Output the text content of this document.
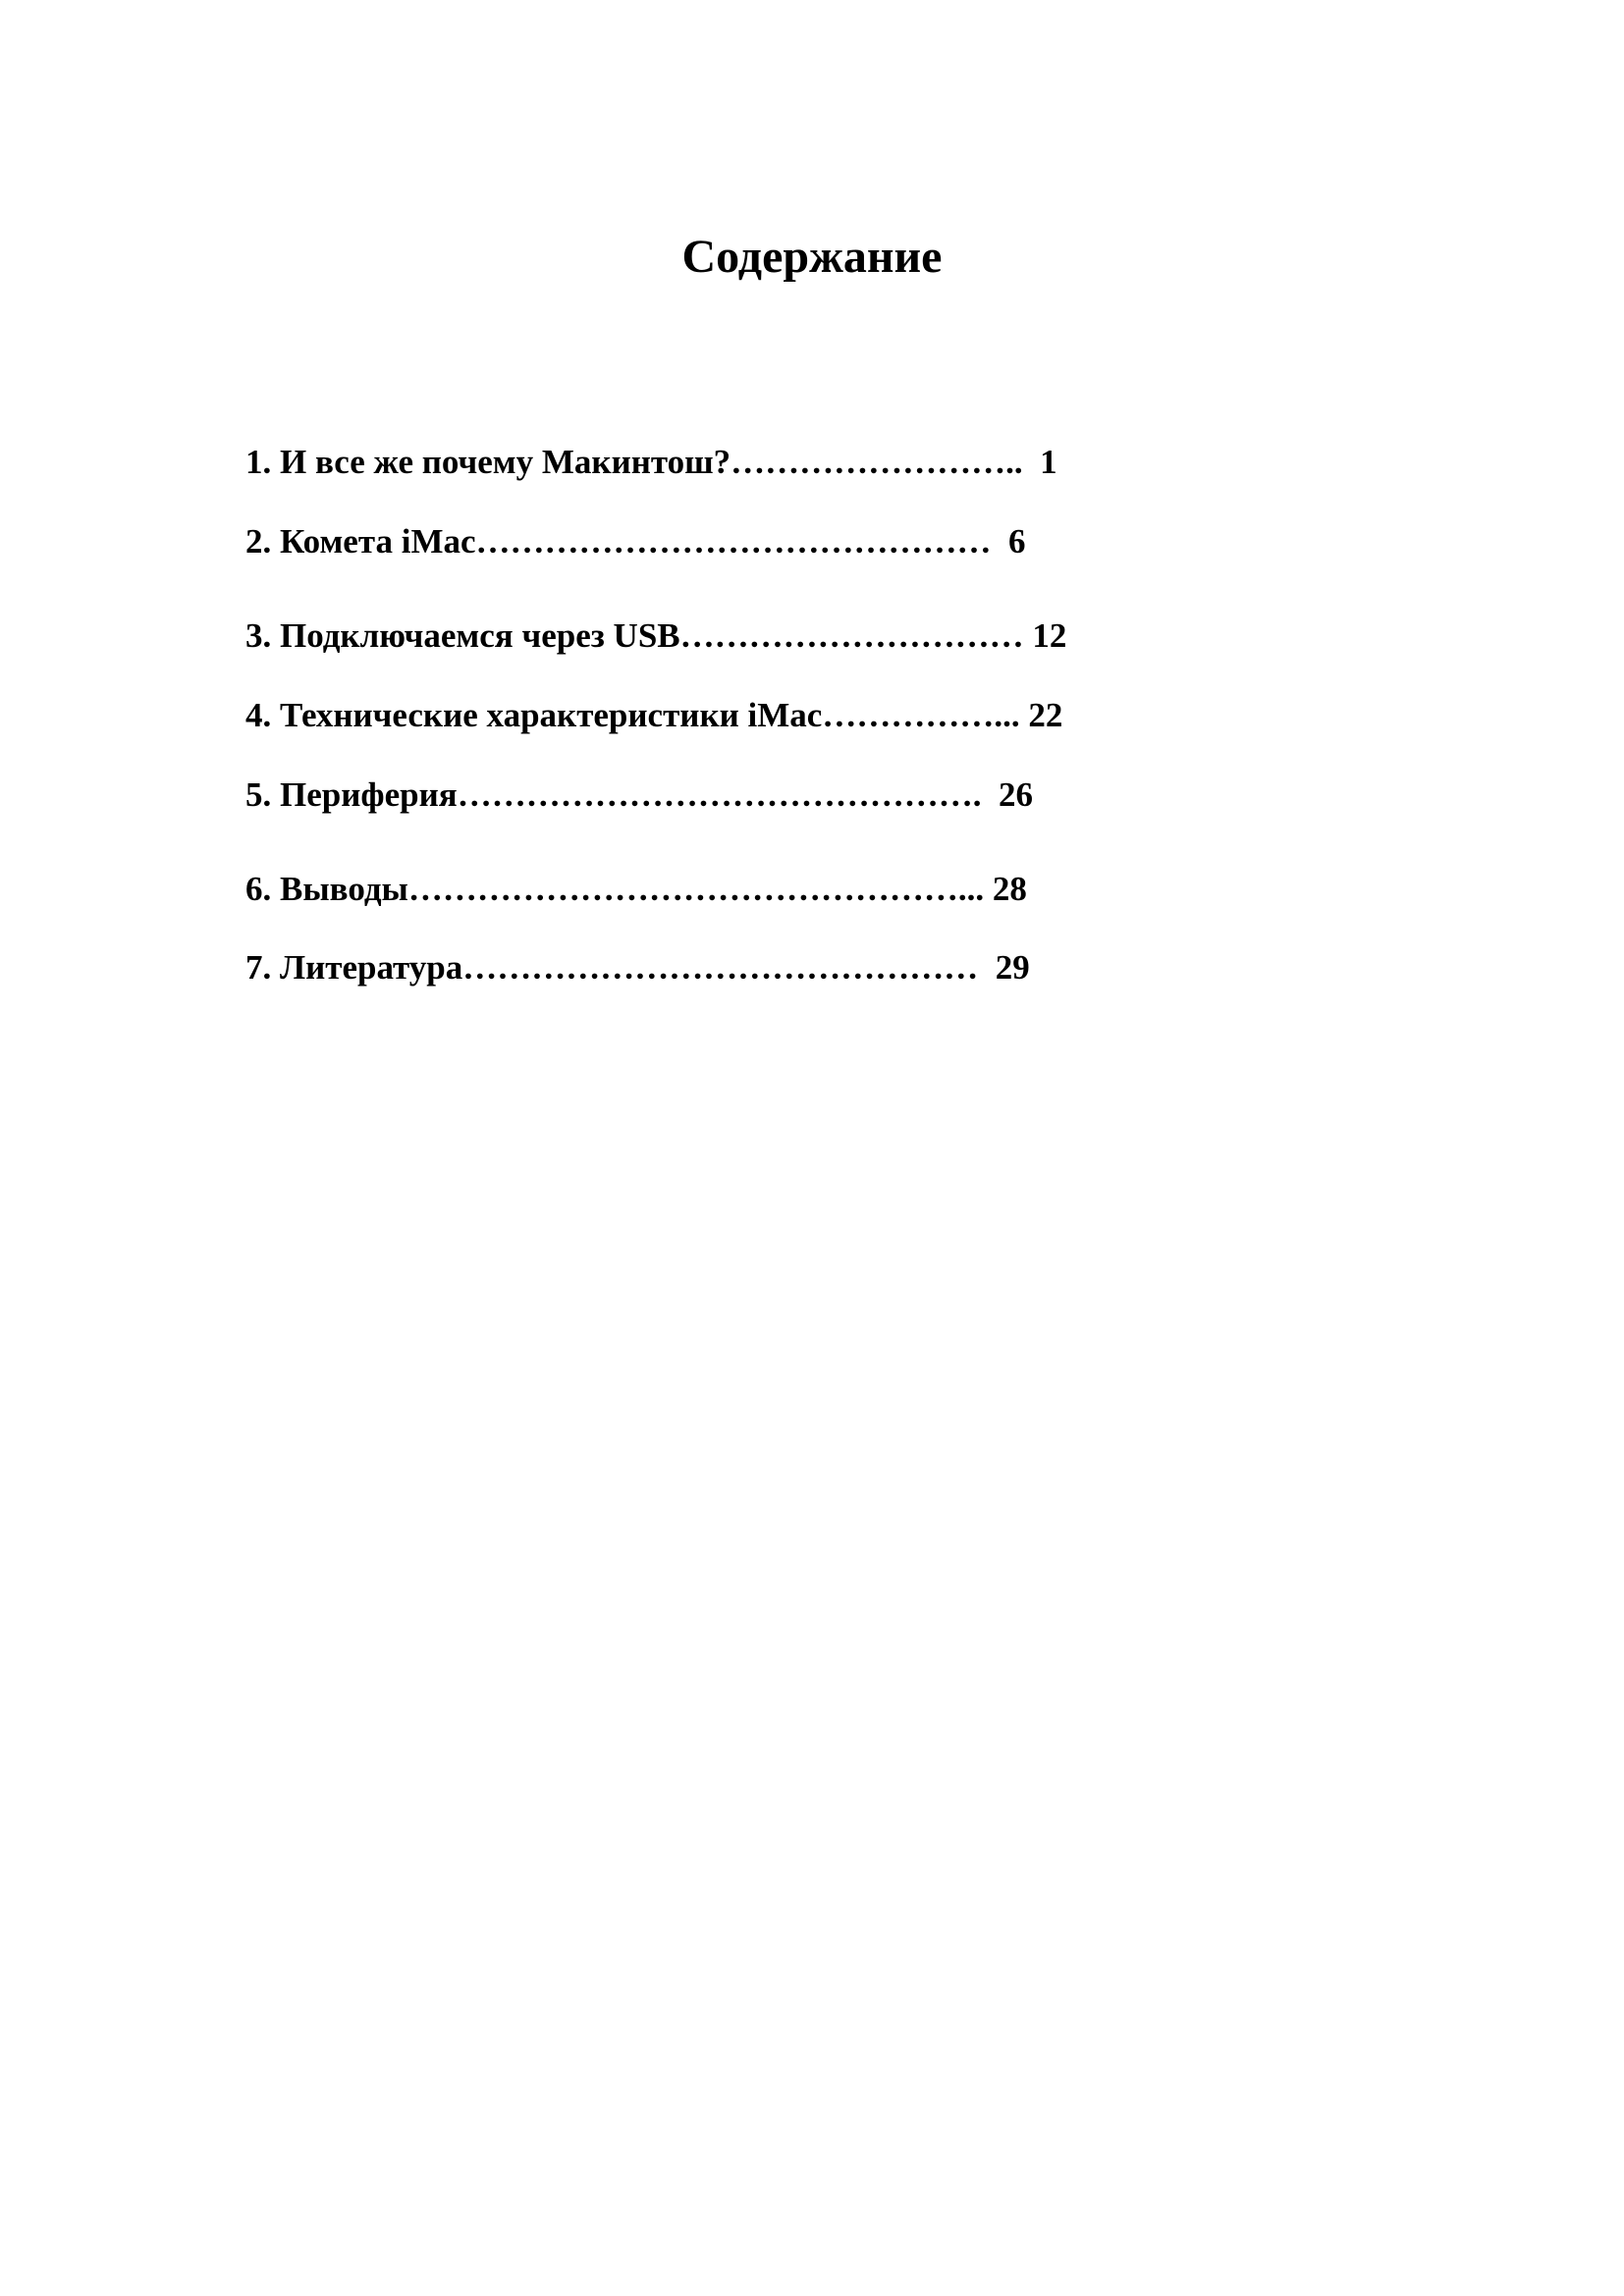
Содержание

1. И все же почему Макинтош?……………………..  1

2. Комета iMac………………………………………  6

3. Подключаемся через USB………………………… 12

4. Технические характеристики iMac……………... 22

5. Периферия……………………………………….  26

6. Выводы…………………………………………... 28

7. Литература………………………………………  29
